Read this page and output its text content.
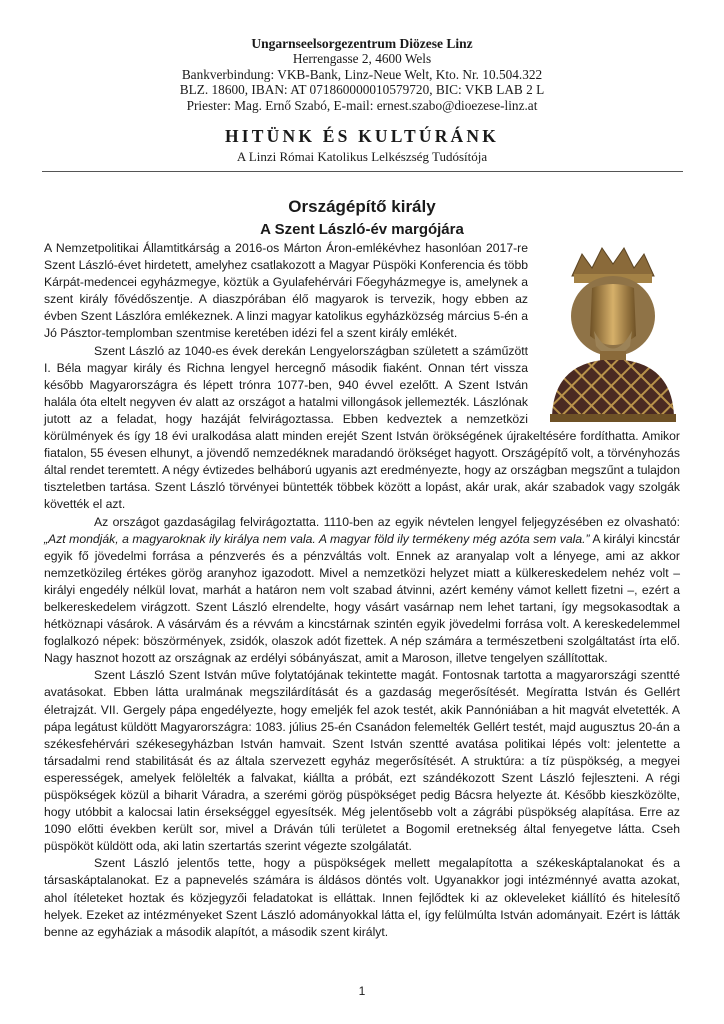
Ungarnseelsorgezentrum Diözese Linz
Herrengasse 2, 4600 Wels
Bankverbindung: VKB-Bank, Linz-Neue Welt, Kto. Nr. 10.504.322
BLZ. 18600, IBAN: AT 071860000010579720, BIC: VKB LAB 2 L
Priester: Mag. Ernő Szabó, E-mail: ernest.szabo@dioezese-linz.at
HITÜNK ÉS KULTÚRÁNK
A Linzi Római Katolikus Lelkészség Tudósítója
Országépítő király
A Szent László-év margójára

A Nemzetpolitikai Államtitkárság a 2016-os Márton Áron-emlékévhez hasonlóan 2017-re Szent László-évet hirdetett, amelyhez csatlakozott a Magyar Püspöki Konferencia és több Kárpát-medencei egyházmegye, köztük a Gyulafehérvári Főegyházmegye is, amelynek a szent király fővédőszentje. A diaszpórában élő magyarok is tervezik, hogy ebben az évben Szent Lászlóra emlékeznek. A linzi magyar katolikus egyházközség március 5-én a Jó Pásztor-templomban szentmise keretében idézi fel a szent király emlékét.

Szent László az 1040-es évek derekán Lengyelországban született a száműzött I. Béla magyar király és Richna lengyel hercegnő második fiaként. Onnan tért vissza később Magyarországra és lépett trónra 1077-ben, 940 évvel ezelőtt. A Szent István halála óta eltelt negyven év alatt az országot a hatalmi villongások jellemezték. Lászlónak jutott az a feladat, hogy hazáját felvirágoztassa. Ebben kedveztek a nemzetközi körülmények és így 18 évi uralkodása alatt minden erejét Szent István örökségének újrakeltésére fordíthatta. Amikor fiatalon, 55 évesen elhunyt, a jövendő nemzedéknek maradandó örökséget hagyott. Országépítő volt, a törvényhozás által rendet teremtett. A négy évtizedes belháború ugyanis azt eredményezte, hogy az országban megszűnt a tulajdon tiszteletben tartása. Szent László törvényei büntették többek között a lopást, akár urak, akár szabadok vagy szolgák követték el azt.

Az országot gazdaságilag felvirágoztatta. 1110-ben az egyik névtelen lengyel feljegyzésében ez olvasható: „Azt mondják, a magyaroknak ily királya nem vala. A magyar föld ily termékeny még azóta sem vala.” A királyi kincstár egyik fő jövedelmi forrása a pénzverés és a pénzváltás volt. Ennek az aranyalap volt a lényege, ami az akkor nemzetközileg értékes görög aranyhoz igazodott. Mivel a nemzetközi helyzet miatt a külkereskedelem nehéz volt – királyi engedély nélkül lovat, marhát a határon nem volt szabad átvinni, azért kemény vámot kellett fizetni –, ezért a belkereskedelem virágzott. Szent László elrendelte, hogy vásárt vasárnap nem lehet tartani, így megsokasodtak a hétköznapi vásárok. A vásárvám és a révvám a kincstárnak szintén egyik jövedelmi forrása volt. A kereskedelemmel foglalkozó népek: böszörmények, zsidók, olaszok adót fizettek. A nép számára a természetbeni szolgáltatást írta elő. Nagy hasznot hozott az országnak az erdélyi sóbányászat, amit a Maroson, illetve tengelyen szállítottak.

Szent László Szent István műve folytatójának tekintette magát. Fontosnak tartotta a magyarországi szentté avatásokat. Ebben látta uralmának megszilárdítását és a gazdaság megerősítését. Megíratta István és Gellért életrajzát. VII. Gergely pápa engedélyezte, hogy emeljék fel azok testét, akik Pannóniában a hit magvát elvetették. A pápa legátust küldött Magyarországra: 1083. július 25-én Csanádon felemelték Gellért testét, majd augusztus 20-án a székesfehérvári székesegyházban István hamvait. Szent István szentté avatása politikai lépés volt: jelentette a társadalmi rend stabilitását és az általa szervezett egyház megerősítését. A struktúra: a tíz püspökség, a megyei esperességek, amelyek felölelték a falvakat, kiállta a próbát, ezt szándékozott Szent László fejleszteni. A régi püspökségek közül a biharit Váradra, a szerémi görög püspökséget pedig Bácsra helyezte át. Később kieszközölte, hogy utóbbit a kalocsai latin érsekséggel egyesítsék. Még jelentősebb volt a zágrábi püspökség alapítása. Erre az 1090 előtti években került sor, mivel a Dráván túli területet a Bogomil eretnekség által fenyegetve látta. Cseh püspököt küldött oda, aki latin szertartás szerint végezte szolgálatát.

Szent László jelentős tette, hogy a püspökségek mellett megalapította a székeskáptalanokat és a társaskáptalanokat. Ez a papnevelés számára is áldásos döntés volt. Ugyanakkor jogi intézménnyé avatta azokat, ahol ítéleteket hoztak és közjegyzői feladatokat is elláttak. Innen fejlődtek ki az okleveleket kiállító és hitelesítő helyek. Ezeket az intézményeket Szent László adományokkal látta el, így felülmúlta István adományait. Ezért is látták benne az egyháziak a második alapítót, a második szent királyt.

1
